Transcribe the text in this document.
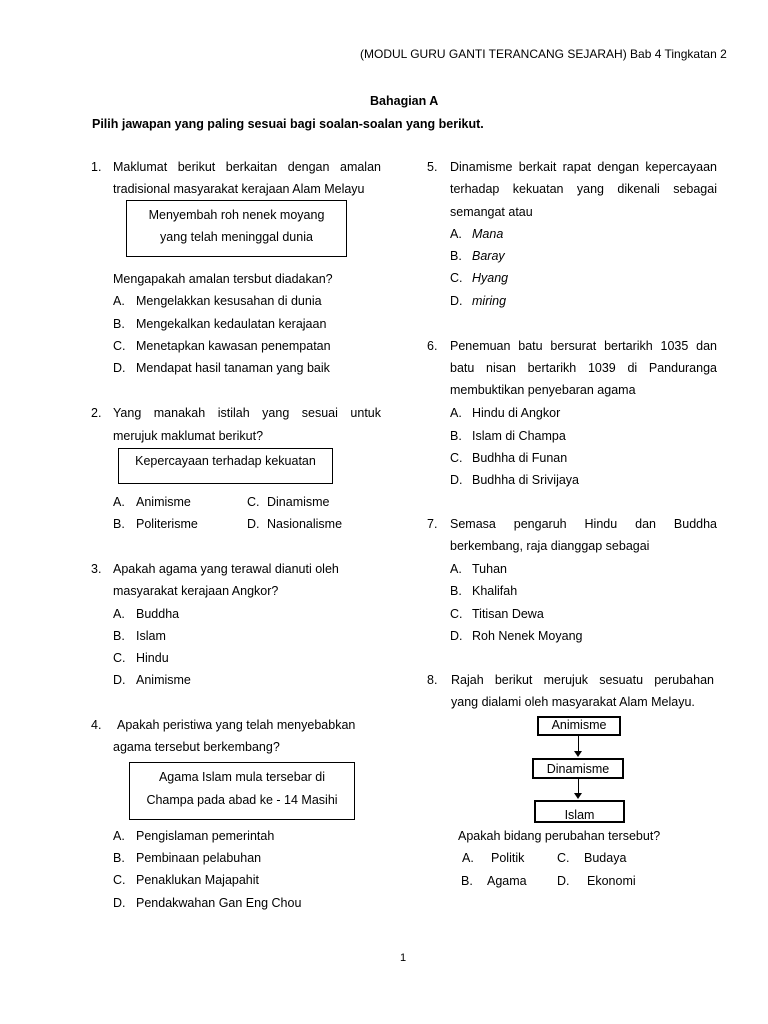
(MODUL GURU GANTI TERANCANG SEJARAH) Bab 4 Tingkatan 2
Bahagian A
Pilih jawapan yang paling sesuai bagi soalan-soalan yang berikut.
1. Maklumat berikut berkaitan dengan amalan
tradisional masyarakat kerajaan Alam Melayu
Menyembah roh nenek moyang
yang telah meninggal dunia
Mengapakah amalan tersbut diadakan?
A. Mengelakkan kesusahan di dunia
B. Mengekalkan kedaulatan kerajaan
C. Menetapkan kawasan penempatan
D. Mendapat hasil tanaman yang baik
2. Yang manakah istilah yang sesuai untuk
merujuk maklumat berikut?
Kepercayaan terhadap kekuatan
A. Animisme	C. Dinamisme
B. Politerisme	D. Nasionalisme
3. Apakah agama yang terawal dianuti oleh
masyarakat kerajaan Angkor?
A. Buddha
B. Islam
C. Hindu
D. Animisme
4. Apakah peristiwa yang telah menyebabkan
agama tersebut berkembang?
Agama Islam mula tersebar di
Champa pada abad ke - 14 Masihi
A. Pengislaman pemerintah
B. Pembinaan pelabuhan
C. Penaklukan Majapahit
D. Pendakwahan Gan Eng Chou
5. Dinamisme berkait rapat dengan kepercayaan
terhadap kekuatan yang dikenali sebagai
semangat atau
A. Mana
B. Baray
C. Hyang
D. miring
6. Penemuan batu bersurat bertarikh 1035 dan
batu nisan bertarikh 1039 di Panduranga
membuktikan penyebaran agama
A. Hindu di Angkor
B. Islam di Champa
C. Budhha di Funan
D. Budhha di Srivijaya
7. Semasa pengaruh Hindu dan Buddha
berkembang, raja dianggap sebagai
A. Tuhan
B. Khalifah
C. Titisan Dewa
D. Roh Nenek Moyang
8. Rajah berikut merujuk sesuatu perubahan
yang dialami oleh masyarakat Alam Melayu.
Animisme
Dinamisme
Islam
Apakah bidang perubahan tersebut?
A. Politik	C. Budaya
B. Agama D. Ekonomi
1
